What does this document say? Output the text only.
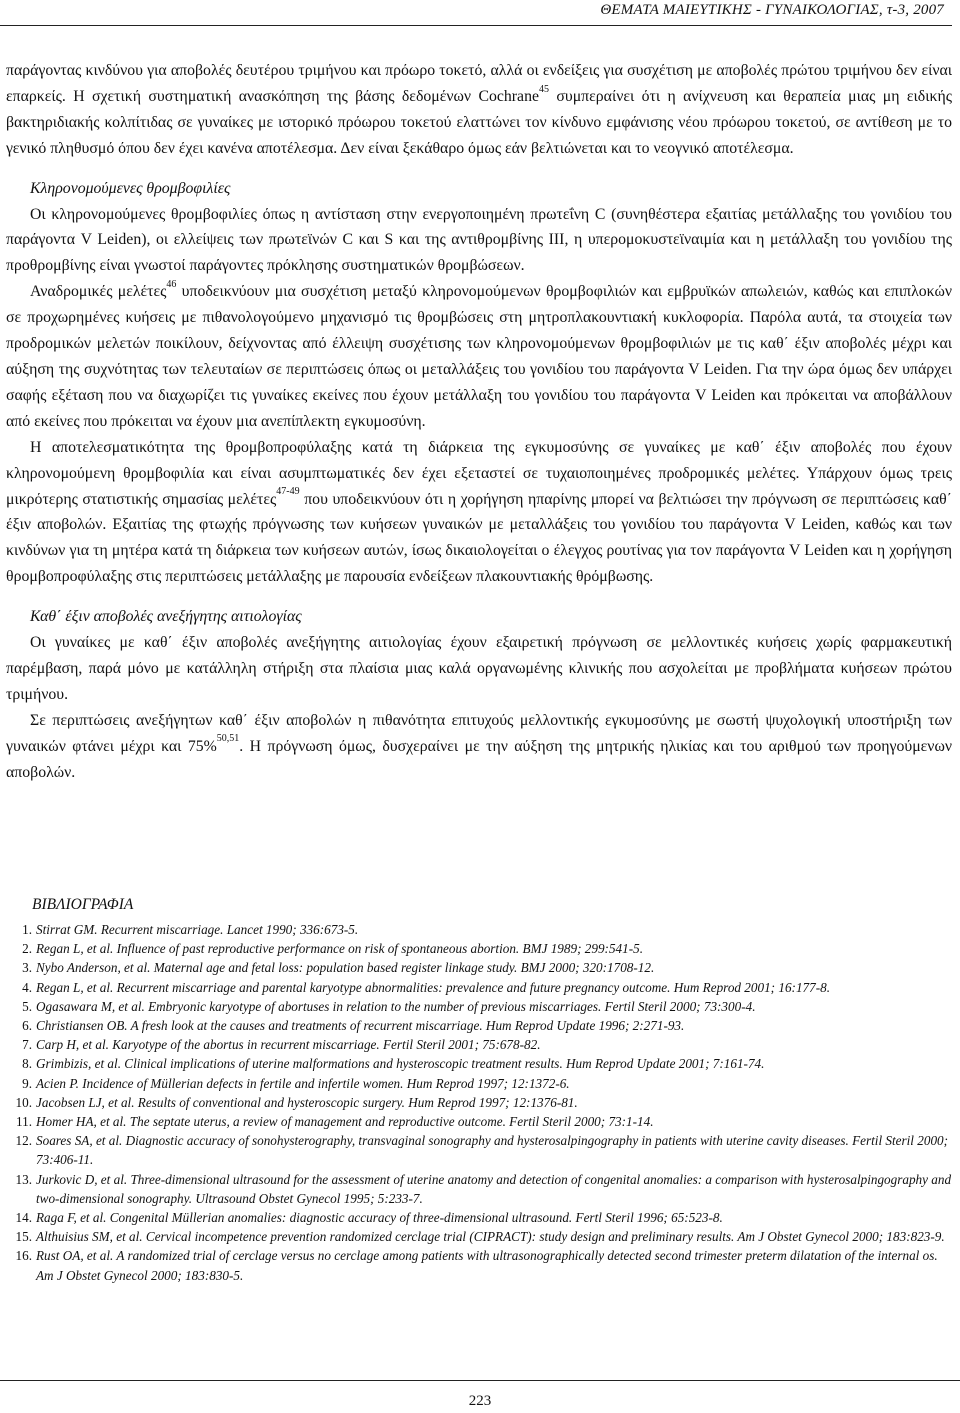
ΘΕΜΑΤΑ ΜΑΙΕΥΤΙΚΗΣ - ΓΥΝΑΙΚΟΛΟΓΙΑΣ, τ-3, 2007

παράγοντας κινδύνου για αποβολές δευτέρου τριμήνου και πρόωρο τοκετό, αλλά οι ενδείξεις για συσχέτιση με αποβολές πρώτου τριμήνου δεν είναι επαρκείς. Η σχετική συστηματική ανασκόπηση της βάσης δεδομένων Cochrane$^{45}$ συμπεραίνει ότι η ανίχνευση και θεραπεία μιας μη ειδικής βακτηριδιακής κολπίτιδας σε γυναίκες με ιστορικό πρόωρου τοκετού ελαττώνει τον κίνδυνο εμφάνισης νέου πρόωρου τοκετού, σε αντίθεση με το γενικό πληθυσμό όπου δεν έχει κανένα αποτέλεσμα. Δεν είναι ξεκάθαρο όμως εάν βελτιώνεται και το νεογνικό αποτέλεσμα.

Κληρονομούμενες θρομβοφιλίες

Οι κληρονομούμενες θρομβοφιλίες όπως η αντίσταση στην ενεργοποιημένη πρωτεΐνη C (συνηθέστερα εξαιτίας μετάλλαξης του γονιδίου του παράγοντα V Leiden), οι ελλείψεις των πρωτεϊνών C και S και της αντιθρομβίνης ΙΙΙ, η υπερομοκυστεϊναιμία και η μετάλλαξη του γονιδίου της προθρομβίνης είναι γνωστοί παράγοντες πρόκλησης συστηματικών θρομβώσεων.

Αναδρομικές μελέτες$^{46}$ υποδεικνύουν μια συσχέτιση μεταξύ κληρονομούμενων θρομβοφιλιών και εμβρυϊκών απωλειών, καθώς και επιπλοκών σε προχωρημένες κυήσεις με πιθανολογούμενο μηχανισμό τις θρομβώσεις στη μητροπλακουντιακή κυκλοφορία. Παρόλα αυτά, τα στοιχεία των προδρομικών μελετών ποικίλουν, δείχνοντας από έλλειψη συσχέτισης των κληρονομούμενων θρομβοφιλιών με τις καθ΄ έξιν αποβολές μέχρι και αύξηση της συχνότητας των τελευταίων σε περιπτώσεις όπως οι μεταλλάξεις του γονιδίου του παράγοντα V Leiden. Για την ώρα όμως δεν υπάρχει σαφής εξέταση που να διαχωρίζει τις γυναίκες εκείνες που έχουν μετάλλαξη του γονιδίου του παράγοντα V Leiden και πρόκειται να αποβάλλουν από εκείνες που πρόκειται να έχουν μια ανεπίπλεκτη εγκυμοσύνη.

Η αποτελεσματικότητα της θρομβοπροφύλαξης κατά τη διάρκεια της εγκυμοσύνης σε γυναίκες με καθ΄ έξιν αποβολές που έχουν κληρονομούμενη θρομβοφιλία και είναι ασυμπτωματικές δεν έχει εξεταστεί σε τυχαιοποιημένες προδρομικές μελέτες. Υπάρχουν όμως τρεις μικρότερης στατιστικής σημασίας μελέτες$^{47-49}$ που υποδεικνύουν ότι η χορήγηση ηπαρίνης μπορεί να βελτιώσει την πρόγνωση σε περιπτώσεις καθ΄ έξιν αποβολών. Εξαιτίας της φτωχής πρόγνωσης των κυήσεων γυναικών με μεταλλάξεις του γονιδίου του παράγοντα V Leiden, καθώς και των κινδύνων για τη μητέρα κατά τη διάρκεια των κυήσεων αυτών, ίσως δικαιολογείται ο έλεγχος ρουτίνας για τον παράγοντα V Leiden και η χορήγηση θρομβοπροφύλαξης στις περιπτώσεις μετάλλαξης με παρουσία ενδείξεων πλακουντιακής θρόμβωσης.

Καθ΄ έξιν αποβολές ανεξήγητης αιτιολογίας

Οι γυναίκες με καθ΄ έξιν αποβολές ανεξήγητης αιτιολογίας έχουν εξαιρετική πρόγνωση σε μελλοντικές κυήσεις χωρίς φαρμακευτική παρέμβαση, παρά μόνο με κατάλληλη στήριξη στα πλαίσια μιας καλά οργανωμένης κλινικής που ασχολείται με προβλήματα κυήσεων πρώτου τριμήνου.

Σε περιπτώσεις ανεξήγητων καθ΄ έξιν αποβολών η πιθανότητα επιτυχούς μελλοντικής εγκυμοσύνης με σωστή ψυχολογική υποστήριξη των γυναικών φτάνει μέχρι και 75%$^{50,51}$. Η πρόγνωση όμως, δυσχεραίνει με την αύξηση της μητρικής ηλικίας και του αριθμού των προηγούμενων αποβολών.

ΒΙΒΛΙΟΓΡΑΦΙΑ
1. Stirrat GM. Recurrent miscarriage. Lancet 1990; 336:673-5.
2. Regan L, et al. Influence of past reproductive performance on risk of spontaneous abortion. BMJ 1989; 299:541-5.
3. Nybo Anderson, et al. Maternal age and fetal loss: population based register linkage study. BMJ 2000; 320:1708-12.
4. Regan L, et al. Recurrent miscarriage and parental karyotype abnormalities: prevalence and future pregnancy outcome. Hum Reprod 2001; 16:177-8.
5. Ogasawara M, et al. Embryonic karyotype of abortuses in relation to the number of previous miscarriages. Fertil Steril 2000; 73:300-4.
6. Christiansen OB. A fresh look at the causes and treatments of recurrent miscarriage. Hum Reprod Update 1996; 2:271-93.
7. Carp H, et al. Karyotype of the abortus in recurrent miscarriage. Fertil Steril 2001; 75:678-82.
8. Grimbizis, et al. Clinical implications of uterine malformations and hysteroscopic treatment results. Hum Reprod Update 2001; 7:161-74.
9. Acien P. Incidence of Müllerian defects in fertile and infertile women. Hum Reprod 1997; 12:1372-6.
10. Jacobsen LJ, et al. Results of conventional and hysteroscopic surgery. Hum Reprod 1997; 12:1376-81.
11. Homer HA, et al. The septate uterus, a review of management and reproductive outcome. Fertil Steril 2000; 73:1-14.
12. Soares SA, et al. Diagnostic accuracy of sonohysterography, transvaginal sonography and hysterosalpingography in patients with uterine cavity diseases. Fertil Steril 2000; 73:406-11.
13. Jurkovic D, et al. Three-dimensional ultrasound for the assessment of uterine anatomy and detection of congenital anomalies: a comparison with hysterosalpingography and two-dimensional sonography. Ultrasound Obstet Gynecol 1995; 5:233-7.
14. Raga F, et al. Congenital Müllerian anomalies: diagnostic accuracy of three-dimensional ultrasound. Fertl Steril 1996; 65:523-8.
15. Althuisius SM, et al. Cervical incompetence prevention randomized cerclage trial (CIPRACT): study design and preliminary results. Am J Obstet Gynecol 2000; 183:823-9.
16. Rust OA, et al. A randomized trial of cerclage versus no cerclage among patients with ultrasonographically detected second trimester preterm dilatation of the internal os. Am J Obstet Gynecol 2000; 183:830-5.
223
